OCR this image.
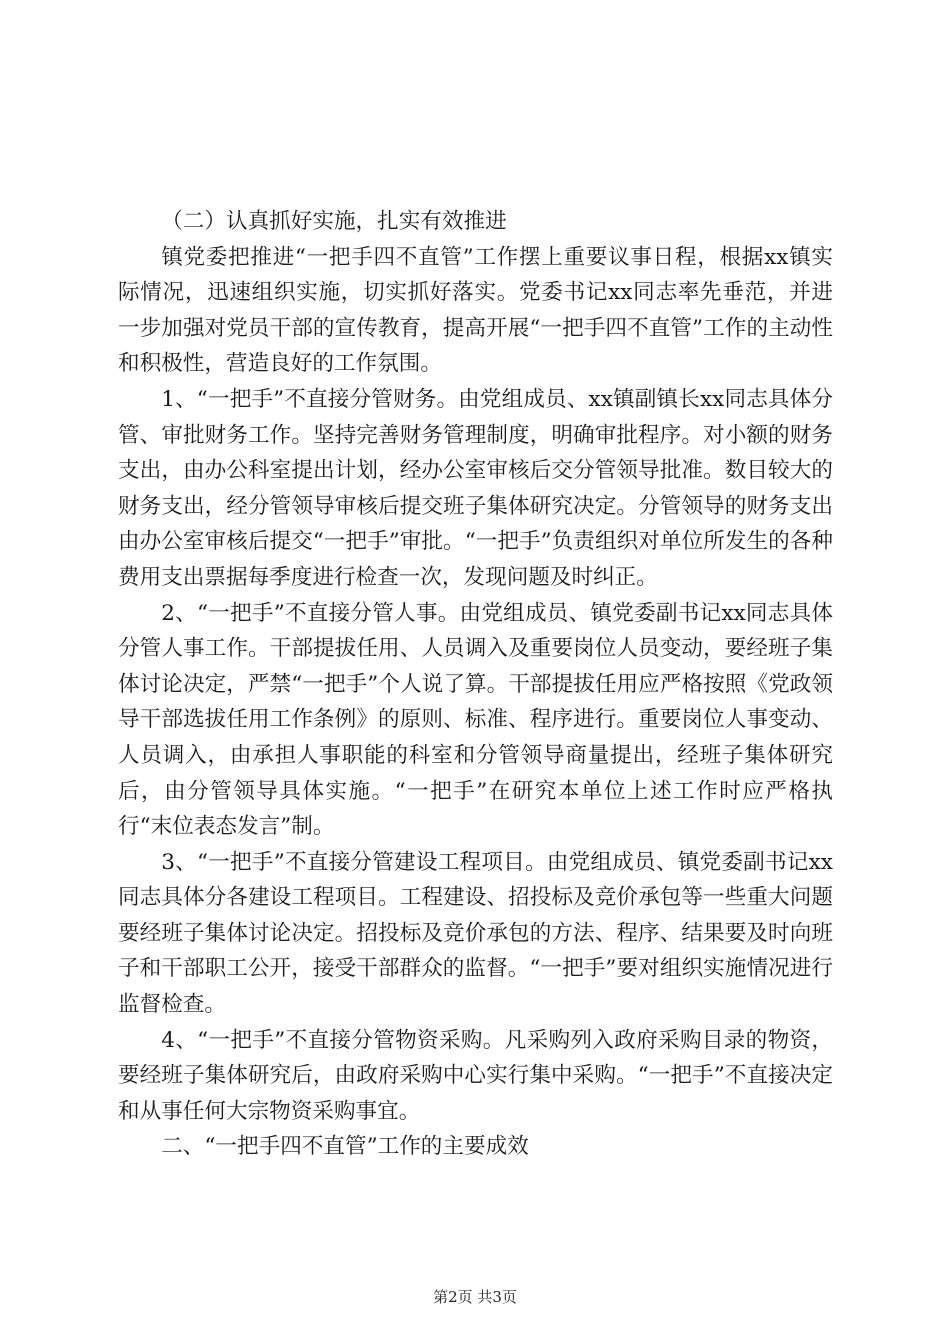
（二）认真抓好实施，扎实有效推进

镇党委把推进“一把手四不直管”工作摆上重要议事日程，根据xx镇实际情况，迅速组织实施，切实抓好落实。党委书记xx同志率先垂范，并进一步加强对党员干部的宣传教育，提高开展“一把手四不直管”工作的主动性和积极性，营造良好的工作氛围。

1、“一把手”不直接分管财务。由党组成员、xx镇副镇长xx同志具体分管、审批财务工作。坚持完善财务管理制度，明确审批程序。对小额的财务支出，由办公科室提出计划，经办公室审核后交分管领导批准。数目较大的财务支出，经分管领导审核后提交班子集体研究决定。分管领导的财务支出由办公室审核后提交“一把手”审批。“一把手”负责组织对单位所发生的各种费用支出票据每季度进行检查一次，发现问题及时纠正。

2、“一把手”不直接分管人事。由党组成员、镇党委副书记xx同志具体分管人事工作。干部提拔任用、人员调入及重要岗位人员变动，要经班子集体讨论决定，严禁“一把手”个人说了算。干部提拔任用应严格按照《党政领导干部选拔任用工作条例》的原则、标准、程序进行。重要岗位人事变动、人员调入，由承担人事职能的科室和分管领导商量提出，经班子集体研究后，由分管领导具体实施。“一把手”在研究本单位上述工作时应严格执行“末位表态发言”制。

3、“一把手”不直接分管建设工程项目。由党组成员、镇党委副书记xx同志具体分各建设工程项目。工程建设、招投标及竞价承包等一些重大问题要经班子集体讨论决定。招投标及竞价承包的方法、程序、结果要及时向班子和干部职工公开，接受干部群众的监督。“一把手”要对组织实施情况进行监督检查。

4、“一把手”不直接分管物资采购。凡采购列入政府采购目录的物资，要经班子集体研究后，由政府采购中心实行集中采购。“一把手”不直接决定和从事任何大宗物资采购事宜。

二、“一把手四不直管”工作的主要成效

第2页 共3页
